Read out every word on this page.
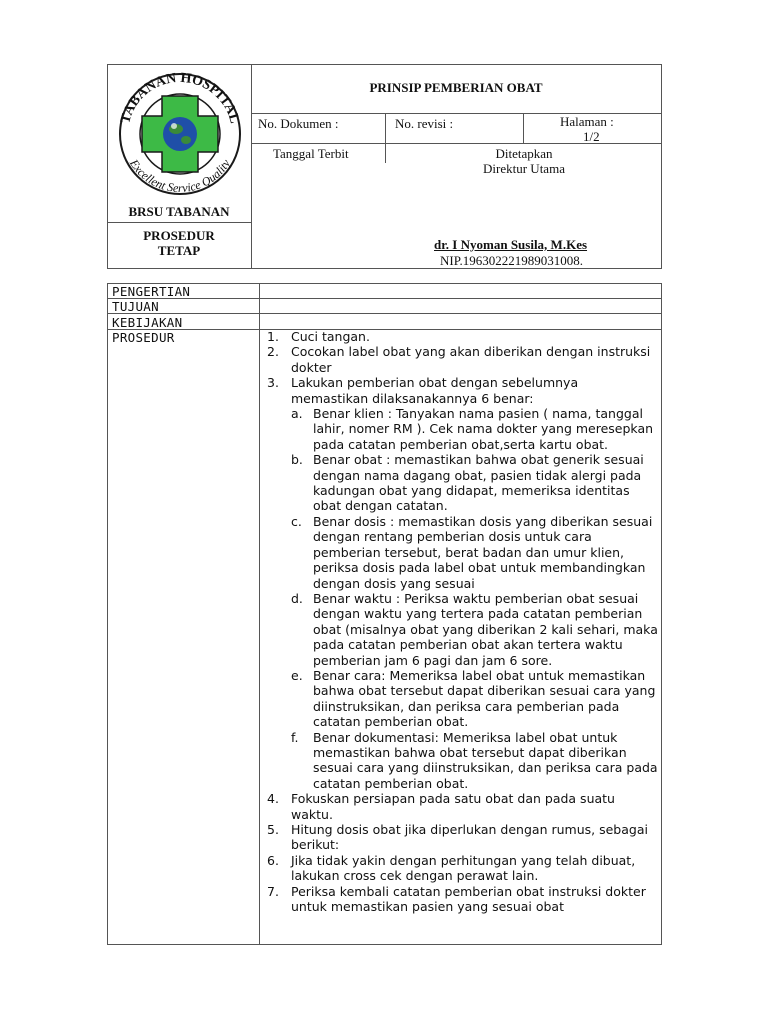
TABANAN HOSPITAL
Excellent Service Quality
BRSU TABANAN
PROSEDUR
TETAP
PRINSIP PEMBERIAN OBAT
No. Dokumen :	No. revisi :	Halaman :
1/2
Tanggal Terbit	Ditetapkan
Direktur Utama
dr. I Nyoman Susila, M.Kes
NIP.196302221989031008.
PENGERTIAN
TUJUAN
KEBIJAKAN
PROSEDUR	1. Cuci tangan.
2. Cocokan label obat yang akan diberikan dengan instruksi dokter
3. Lakukan pemberian obat dengan sebelumnya memastikan dilaksanakannya 6 benar:
a. Benar klien : Tanyakan nama pasien ( nama, tanggal lahir, nomer RM ). Cek nama dokter yang meresepkan pada catatan pemberian obat,serta kartu obat.
b. Benar obat : memastikan bahwa obat generik sesuai dengan nama dagang obat, pasien tidak alergi pada kadungan obat yang didapat, memeriksa identitas obat dengan catatan.
c. Benar dosis : memastikan dosis yang diberikan sesuai dengan rentang pemberian dosis untuk cara pemberian tersebut, berat badan dan umur klien, periksa dosis pada label obat untuk membandingkan dengan dosis yang sesuai
d. Benar waktu : Periksa waktu pemberian obat sesuai dengan waktu yang tertera pada catatan pemberian obat (misalnya obat yang diberikan 2 kali sehari, maka pada catatan pemberian obat akan tertera waktu pemberian jam 6 pagi dan jam 6 sore.
e. Benar cara: Memeriksa label obat untuk memastikan bahwa obat tersebut dapat diberikan sesuai cara yang diinstruksikan, dan periksa cara pemberian pada catatan pemberian obat.
f.	Benar dokumentasi: Memeriksa label obat untuk memastikan bahwa obat tersebut dapat diberikan sesuai cara yang diinstruksikan, dan periksa cara pada catatan pemberian obat.
4. Fokuskan persiapan pada satu obat dan pada suatu waktu.
5. Hitung dosis obat jika diperlukan dengan rumus, sebagai berikut:
6. Jika tidak yakin dengan perhitungan yang telah dibuat, lakukan cross cek dengan perawat lain.
7. Periksa kembali catatan pemberian obat instruksi dokter untuk memastikan pasien yang sesuai obat
